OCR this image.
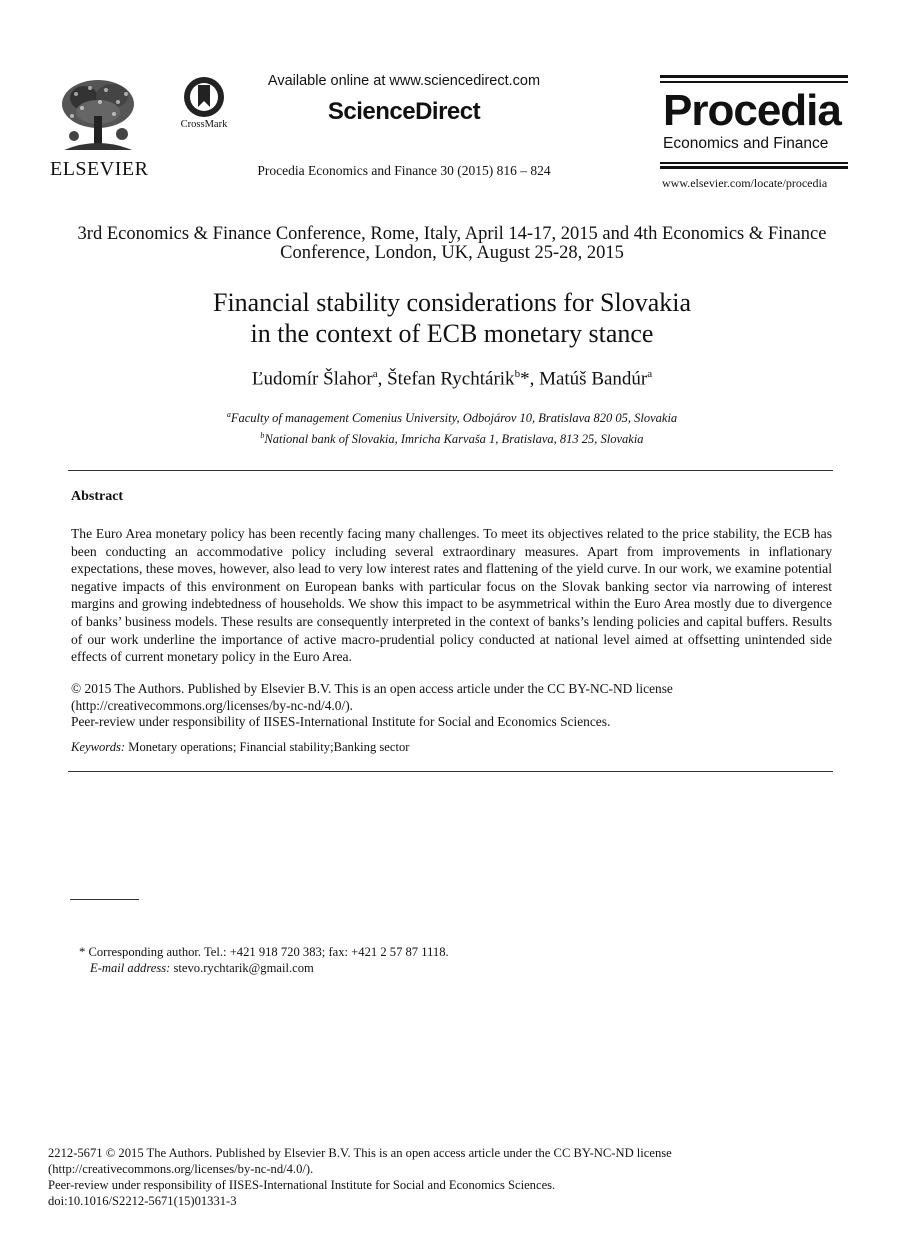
ELSEVIER
CrossMark
Available online at www.sciencedirect.com
ScienceDirect
Procedia Economics and Finance 30 (2015) 816 – 824
Procedia
Economics and Finance
www.elsevier.com/locate/procedia
3rd Economics & Finance Conference, Rome, Italy, April 14-17, 2015 and 4th Economics & Finance Conference, London, UK, August 25-28, 2015
Financial stability considerations for Slovakia
in the context of ECB monetary stance
Ľudomír Šlahor$^a$, Štefan Rychtárik$^b$*, Matúš Bandúr$^a$
$^a$Faculty of management Comenius University, Odbojárov 10, Bratislava 820 05, Slovakia
$^b$National bank of Slovakia, Imricha Karvaša 1, Bratislava, 813 25, Slovakia
Abstract
The Euro Area monetary policy has been recently facing many challenges. To meet its objectives related to the price stability, the ECB has been conducting an accommodative policy including several extraordinary measures. Apart from improvements in inflationary expectations, these moves, however, also lead to very low interest rates and flattening of the yield curve. In our work, we examine potential negative impacts of this environment on European banks with particular focus on the Slovak banking sector via narrowing of interest margins and growing indebtedness of households. We show this impact to be asymmetrical within the Euro Area mostly due to divergence of banks’ business models. These results are consequently interpreted in the context of banks’s lending policies and capital buffers. Results of our work underline the importance of active macro-prudential policy conducted at national level aimed at offsetting unintended side effects of current monetary policy in the Euro Area.
© 2015 The Authors. Published by Elsevier B.V. This is an open access article under the CC BY-NC-ND license
(http://creativecommons.org/licenses/by-nc-nd/4.0/).
Peer-review under responsibility of IISES-International Institute for Social and Economics Sciences.
Keywords: Monetary operations; Financial stability;Banking sector
* Corresponding author. Tel.: +421 918 720 383; fax: +421 2 57 87 1118.
E-mail address: stevo.rychtarik@gmail.com
2212-5671 © 2015 The Authors. Published by Elsevier B.V. This is an open access article under the CC BY-NC-ND license
(http://creativecommons.org/licenses/by-nc-nd/4.0/).
Peer-review under responsibility of IISES-International Institute for Social and Economics Sciences.
doi:10.1016/S2212-5671(15)01331-3
